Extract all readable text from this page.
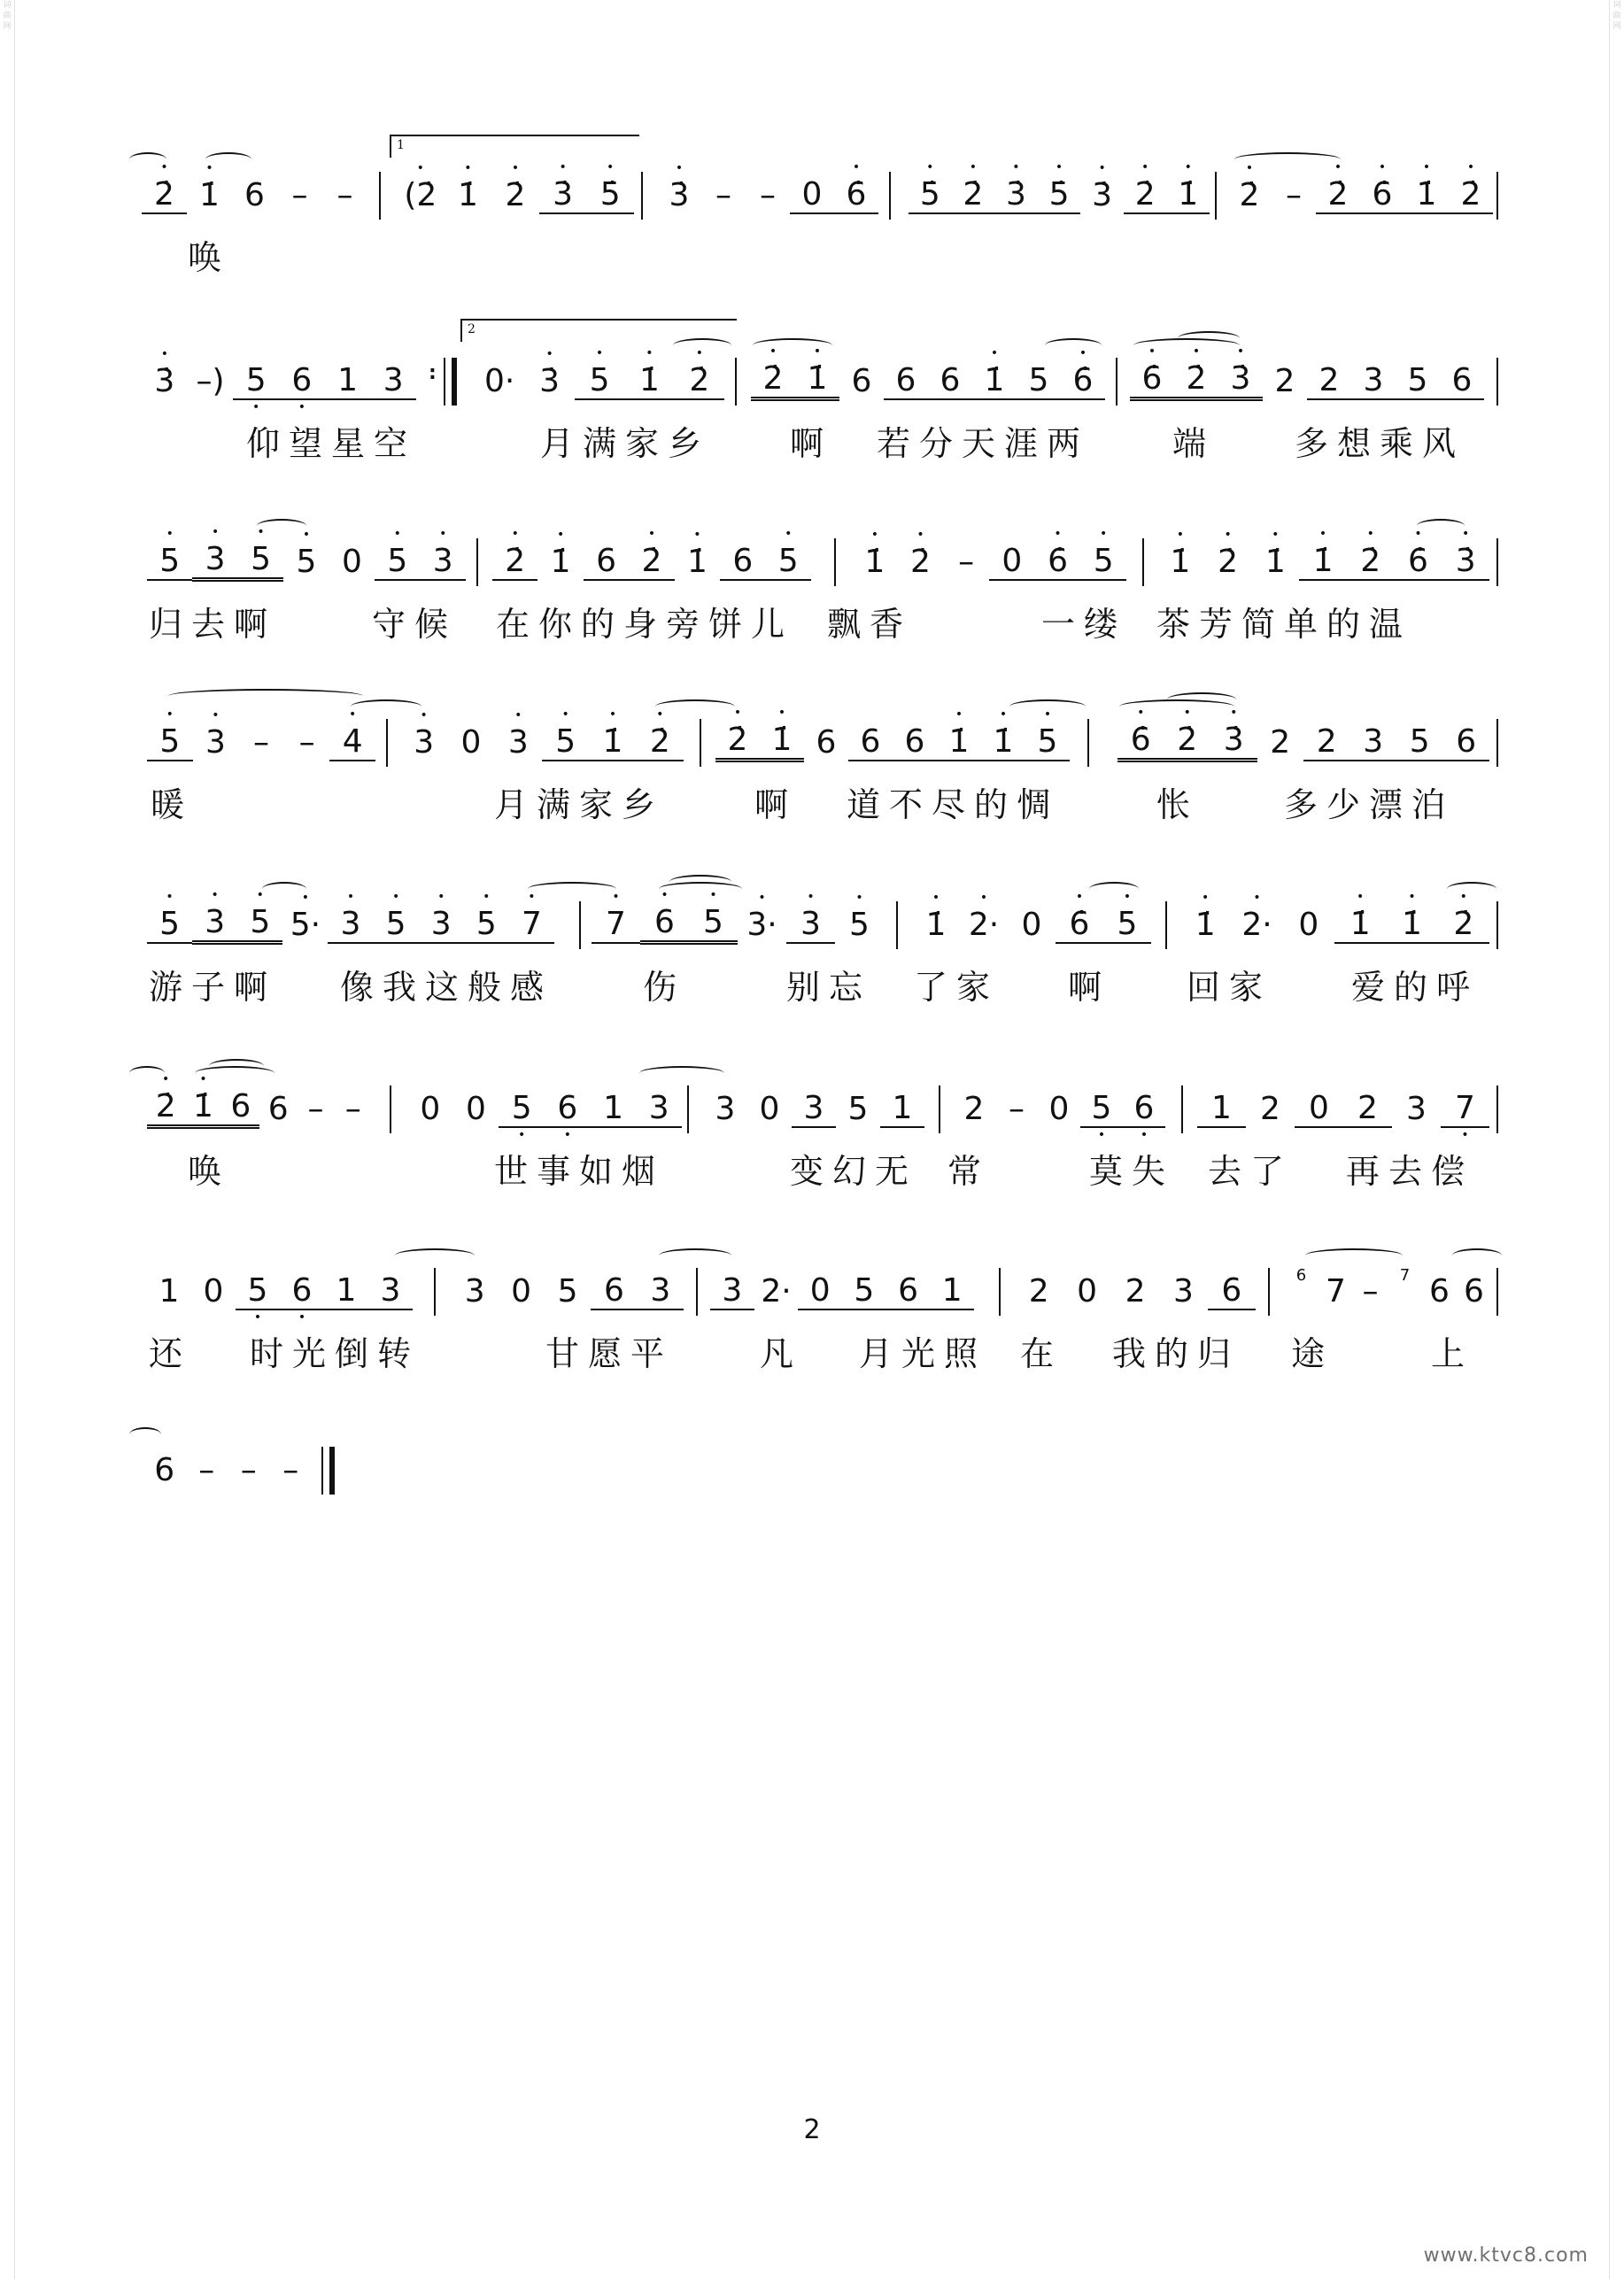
词曲网
词曲网
• 2̇ • 1̇ 6 – –
1
• (2̇ • 1̇ • 2̇ • 3̇ • 5̇	• 3̇ – – 0 • 6̇	• 5̇ • 2̇ • 3̇ • 5̇ • 3̇ • 2̇ • 1̇	• 2̇ – • 2̇ • 6̇ • 1̇ • 2̇
唤
• 3̇ –) 5 • 6 • 1 3	:

2
0· • 3̇ • 5 • 1̇ • 2̇	• 2̇ • 1̇ 6 6 6 • 1̇ 5 • 6̇	• 6̇ • 2̇ • 3̇ 2 2 3 5 6
仰望星空	月满家乡 啊 若分天涯两 端 多想乘风
• 5 • 3 • 5 • 5 0 • 5 • 3	• 2̇ • 1̇ 6 • 2̇ • 1̇ 6 • 5	• 1̇ • 2̇ – 0 • 6̇ • 5	• 1̇ • 2̇ • 1̇ • 1̇ • 2̇ • 6̇ • 3̇
归去啊	守候 在你的身旁饼儿 飘香	一缕 茶芳简单的温
• 5 • 3 – – • 4	• 3 0 • 3 • 5 • 1̇ • 2̇	• 2̇ • 1̇ 6 6 6 • 1̇ • 1̇ • 5	• 6̇ • 2̇ • 3̇ 2 2 3 5 6
暖	月满家乡	啊 道不尽的惆	怅	多少漂泊
• 5 • 3 • 5 • 5· • 3 • 5 • 3 • 5 • 7	• 7 • 6 • 5 • 3· • 3 • 5	• 1̇ • 2· 0 • 6̇ • 5	• 1̇ • 2· 0 • 1̇ • 1̇ • 2̇
游子啊 像我这般感	伤	别忘 了家 啊 回家 爱的呼
• 2̇ • 1̇ 6 6 – –	0 0 5 • 6 • 1 3	3 0 3 5 1	2 – 0 5 • 6 •	1 2 0 2 3 7 •
唤	世事如烟	变幻无 常	莫失 去了 再去偿
1 0 5 • 6 • 1 3	3 0 5 6 3	3 2· 0 5 6 1	2 0 2 3 6	6 7 –	7 6 6
还 时光倒转	甘愿平	凡 月光照 在 我的归 途	上
6 – – –
2
www.ktvc8.com
